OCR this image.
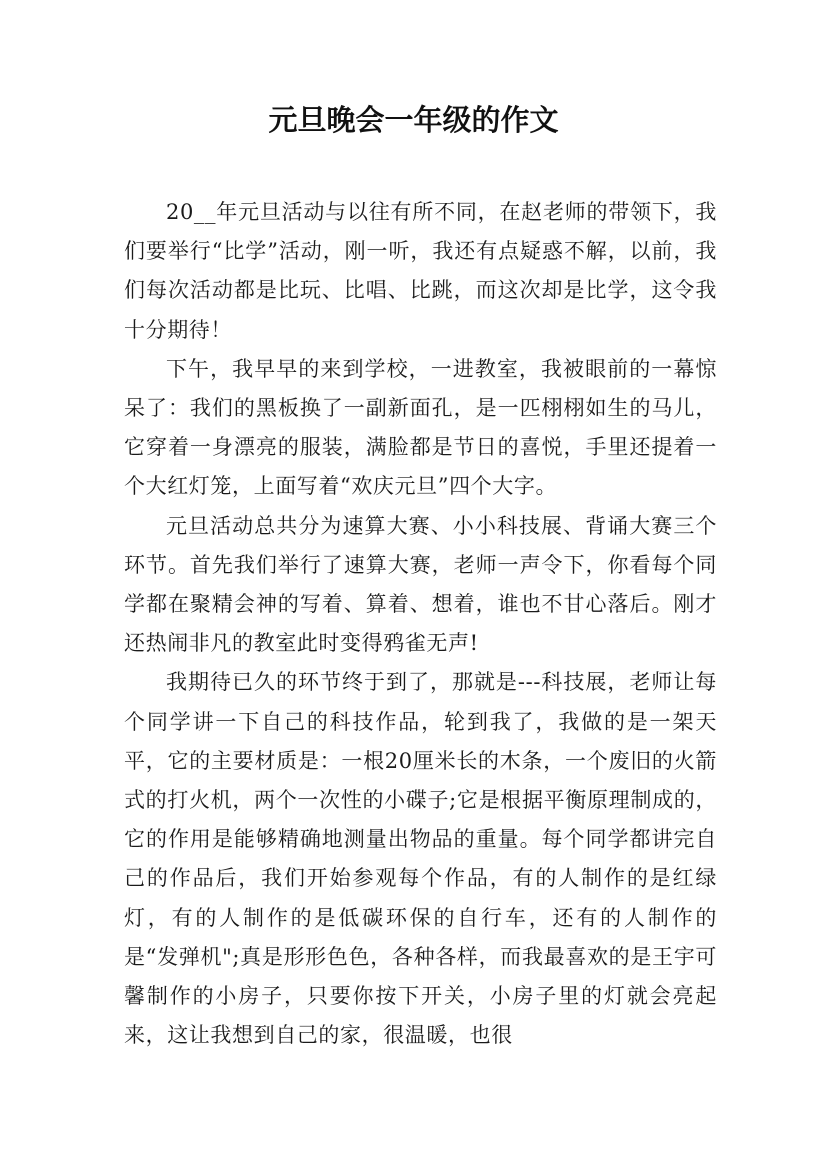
元旦晚会一年级的作文

20__年元旦活动与以往有所不同，在赵老师的带领下，我们要举行“比学”活动，刚一听，我还有点疑惑不解，以前，我们每次活动都是比玩、比唱、比跳，而这次却是比学，这令我十分期待！

下午，我早早的来到学校，一进教室，我被眼前的一幕惊呆了：我们的黑板换了一副新面孔，是一匹栩栩如生的马儿，它穿着一身漂亮的服装，满脸都是节日的喜悦，手里还提着一个大红灯笼，上面写着“欢庆元旦”四个大字。

元旦活动总共分为速算大赛、小小科技展、背诵大赛三个环节。首先我们举行了速算大赛，老师一声令下，你看每个同学都在聚精会神的写着、算着、想着，谁也不甘心落后。刚才还热闹非凡的教室此时变得鸦雀无声!

我期待已久的环节终于到了，那就是---科技展，老师让每个同学讲一下自己的科技作品，轮到我了，我做的是一架天平，它的主要材质是：一根20厘米长的木条，一个废旧的火箭式的打火机，两个一次性的小碟子;它是根据平衡原理制成的，它的作用是能够精确地测量出物品的重量。每个同学都讲完自己的作品后，我们开始参观每个作品，有的人制作的是红绿灯，有的人制作的是低碳环保的自行车，还有的人制作的是“发弹机";真是形形色色，各种各样，而我最喜欢的是王宇可馨制作的小房子，只要你按下开关，小房子里的灯就会亮起来，这让我想到自己的家，很温暖，也很
